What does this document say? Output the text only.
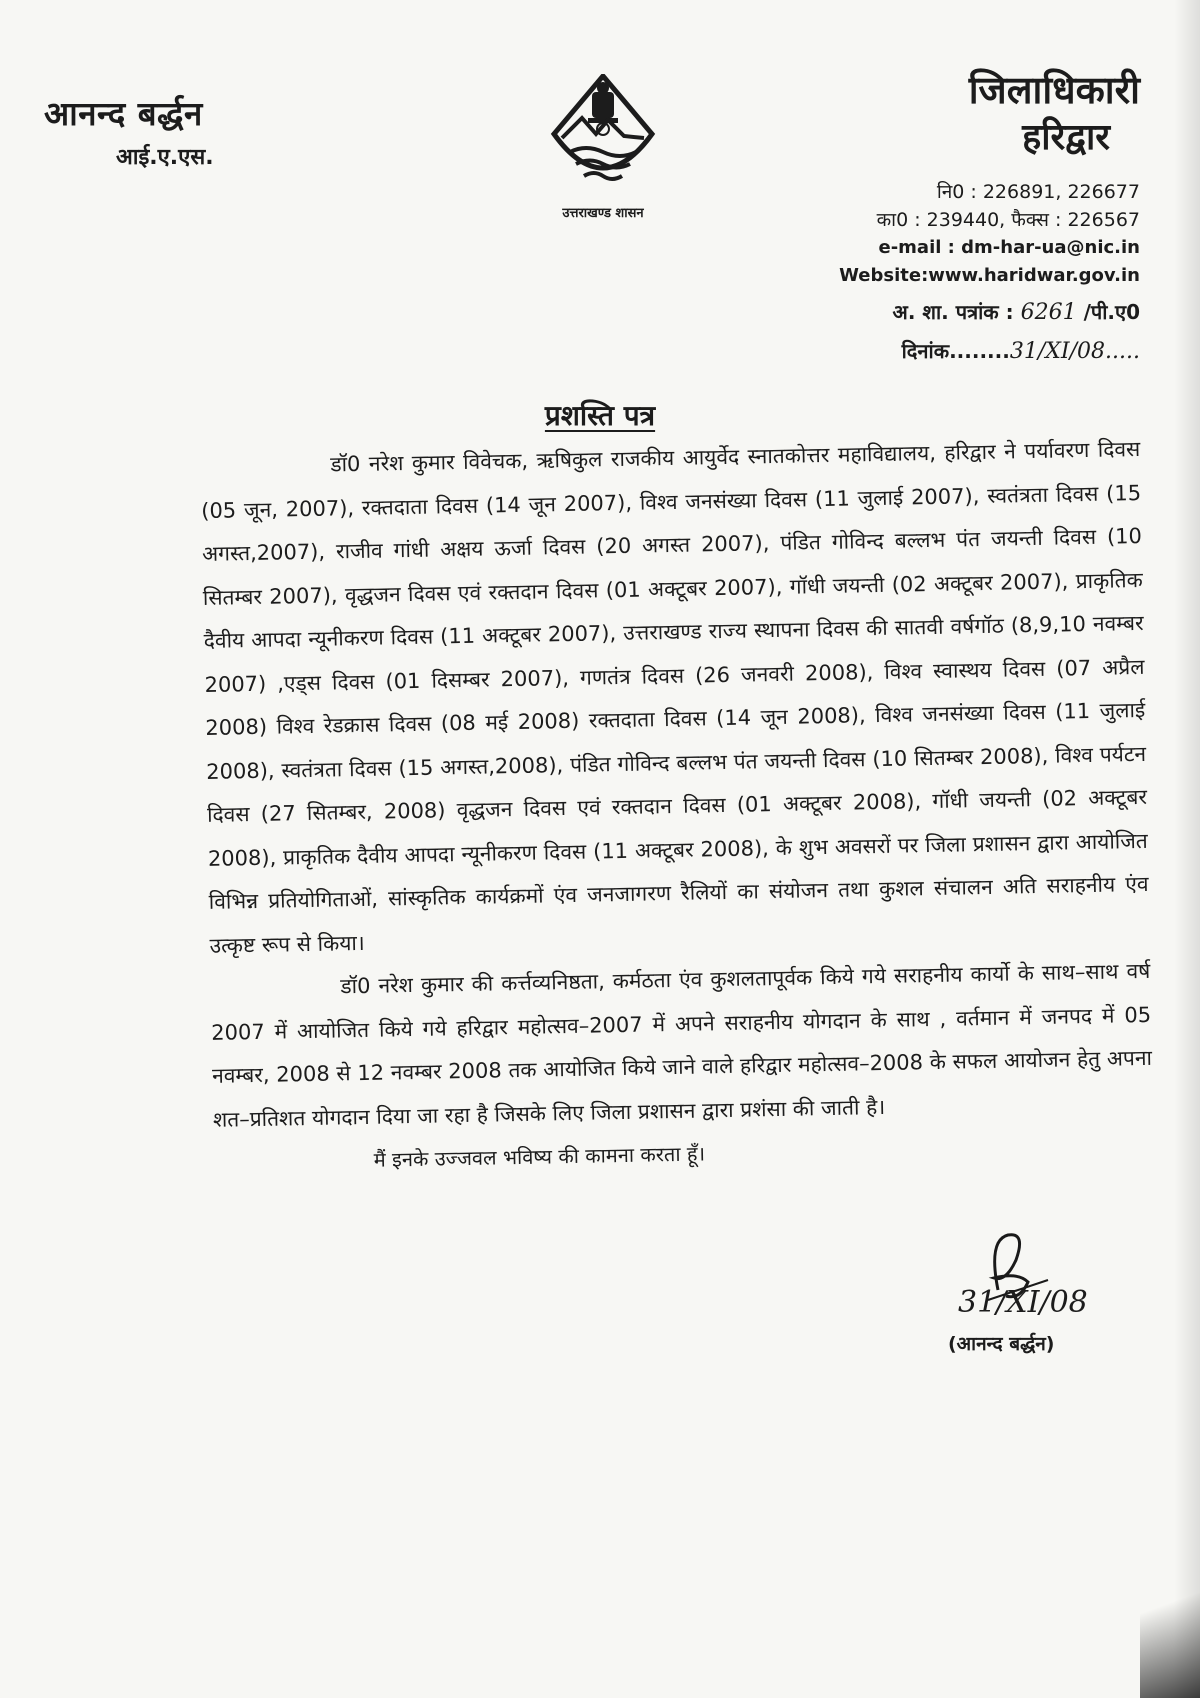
आनन्द बर्द्धन
आई.ए.एस.
उत्तराखण्ड शासन
जिलाधिकारी
हरिद्वार
नि0 : 226891, 226677
का0 : 239440, फैक्स : 226567
e-mail : dm-har-ua@nic.in
Website:www.haridwar.gov.in
अ. शा. पत्रांक : 6261 /पी.ए0
दिनांक........31/XI/08.....
प्रशस्ति पत्र

डॉ0 नरेश कुमार विवेचक, ऋषिकुल राजकीय आयुर्वेद स्नातकोत्तर महाविद्यालय, हरिद्वार ने पर्यावरण दिवस (05 जून, 2007), रक्तदाता दिवस (14 जून 2007), विश्व जनसंख्या दिवस (11 जुलाई 2007), स्वतंत्रता दिवस (15 अगस्त,2007), राजीव गांधी अक्षय ऊर्जा दिवस (20 अगस्त 2007), पंडित गोविन्द बल्लभ पंत जयन्ती दिवस (10 सितम्बर 2007), वृद्धजन दिवस एवं रक्तदान दिवस (01 अक्टूबर 2007), गॉधी जयन्ती (02 अक्टूबर 2007), प्राकृतिक दैवीय आपदा न्यूनीकरण दिवस (11 अक्टूबर 2007), उत्तराखण्ड राज्य स्थापना दिवस की सातवी वर्षगॉठ (8,9,10 नवम्बर 2007) ,एड्स दिवस (01 दिसम्बर 2007), गणतंत्र दिवस (26 जनवरी 2008), विश्व स्वास्थय दिवस (07 अप्रैल 2008) विश्व रेडक्रास दिवस (08 मई 2008) रक्तदाता दिवस (14 जून 2008), विश्व जनसंख्या दिवस (11 जुलाई 2008), स्वतंत्रता दिवस (15 अगस्त,2008), पंडित गोविन्द बल्लभ पंत जयन्ती दिवस (10 सितम्बर 2008), विश्व पर्यटन दिवस (27 सितम्बर, 2008) वृद्धजन दिवस एवं रक्तदान दिवस (01 अक्टूबर 2008), गॉधी जयन्ती (02 अक्टूबर 2008), प्राकृतिक दैवीय आपदा न्यूनीकरण दिवस (11 अक्टूबर 2008), के शुभ अवसरों पर जिला प्रशासन द्वारा आयोजित विभिन्न प्रतियोगिताओं, सांस्कृतिक कार्यक्रमों एंव जनजागरण रैलियों का संयोजन तथा कुशल संचालन अति सराहनीय एंव उत्कृष्ट रूप से किया।

डॉ0 नरेश कुमार की कर्त्तव्यनिष्ठता, कर्मठता एंव कुशलतापूर्वक किये गये सराहनीय कार्यो के साथ–साथ वर्ष 2007 में आयोजित किये गये हरिद्वार महोत्सव–2007 में अपने सराहनीय योगदान के साथ , वर्तमान में जनपद में 05 नवम्बर, 2008 से 12 नवम्बर 2008 तक आयोजित किये जाने वाले हरिद्वार महोत्सव–2008 के सफल आयोजन हेतु अपना शत–प्रतिशत योगदान दिया जा रहा है जिसके लिए जिला प्रशासन द्वारा प्रशंसा की जाती है।

मैं इनके उज्जवल भविष्य की कामना करता हूँ।

31/XI/08
(आनन्द बर्द्धन)
